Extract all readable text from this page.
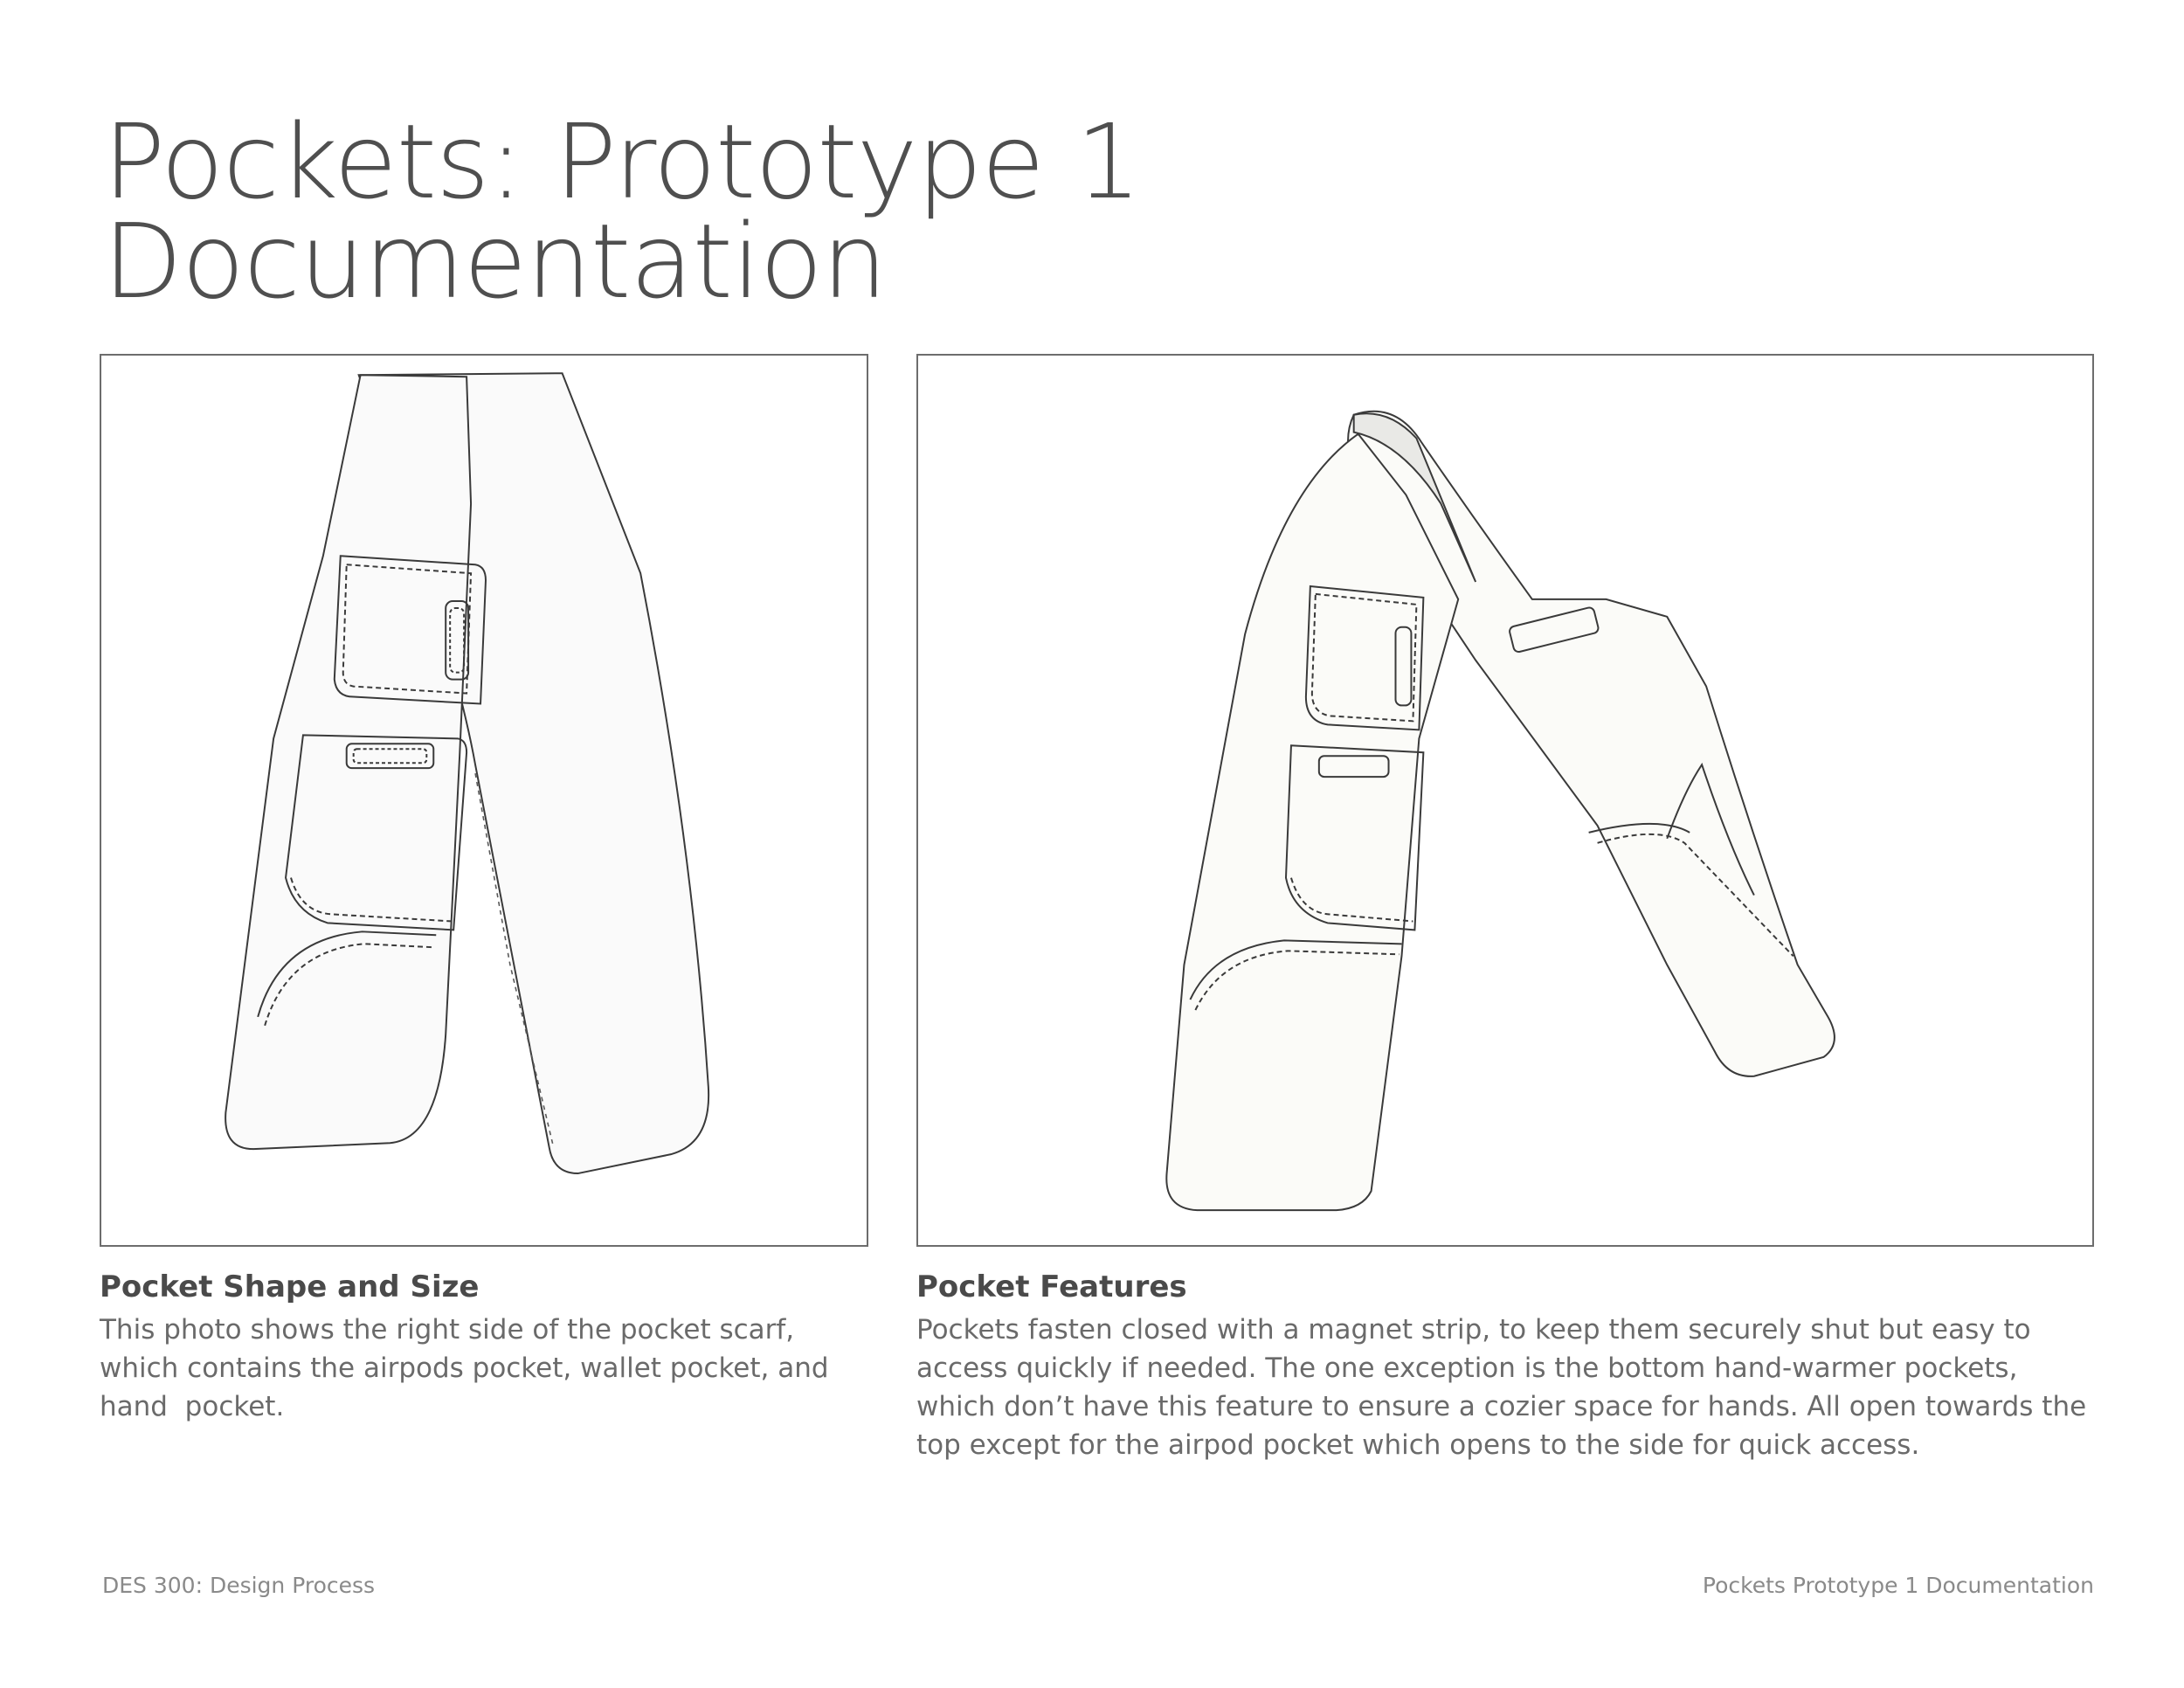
Pockets: Prototype 1
Documentation
Pocket Shape and Size

This photo shows the right side of the pocket scarf, which contains the airpods pocket, wallet pocket, and hand  pocket.

Pocket Features

Pockets fasten closed with a magnet strip, to keep them securely shut but easy to access quickly if needed. The one exception is the bottom hand-warmer pockets, which don’t have this feature to ensure a cozier space for hands. All open towards the top except for the airpod pocket which opens to the side for quick access.

DES 300: Design Process	Pockets Prototype 1 Documentation
